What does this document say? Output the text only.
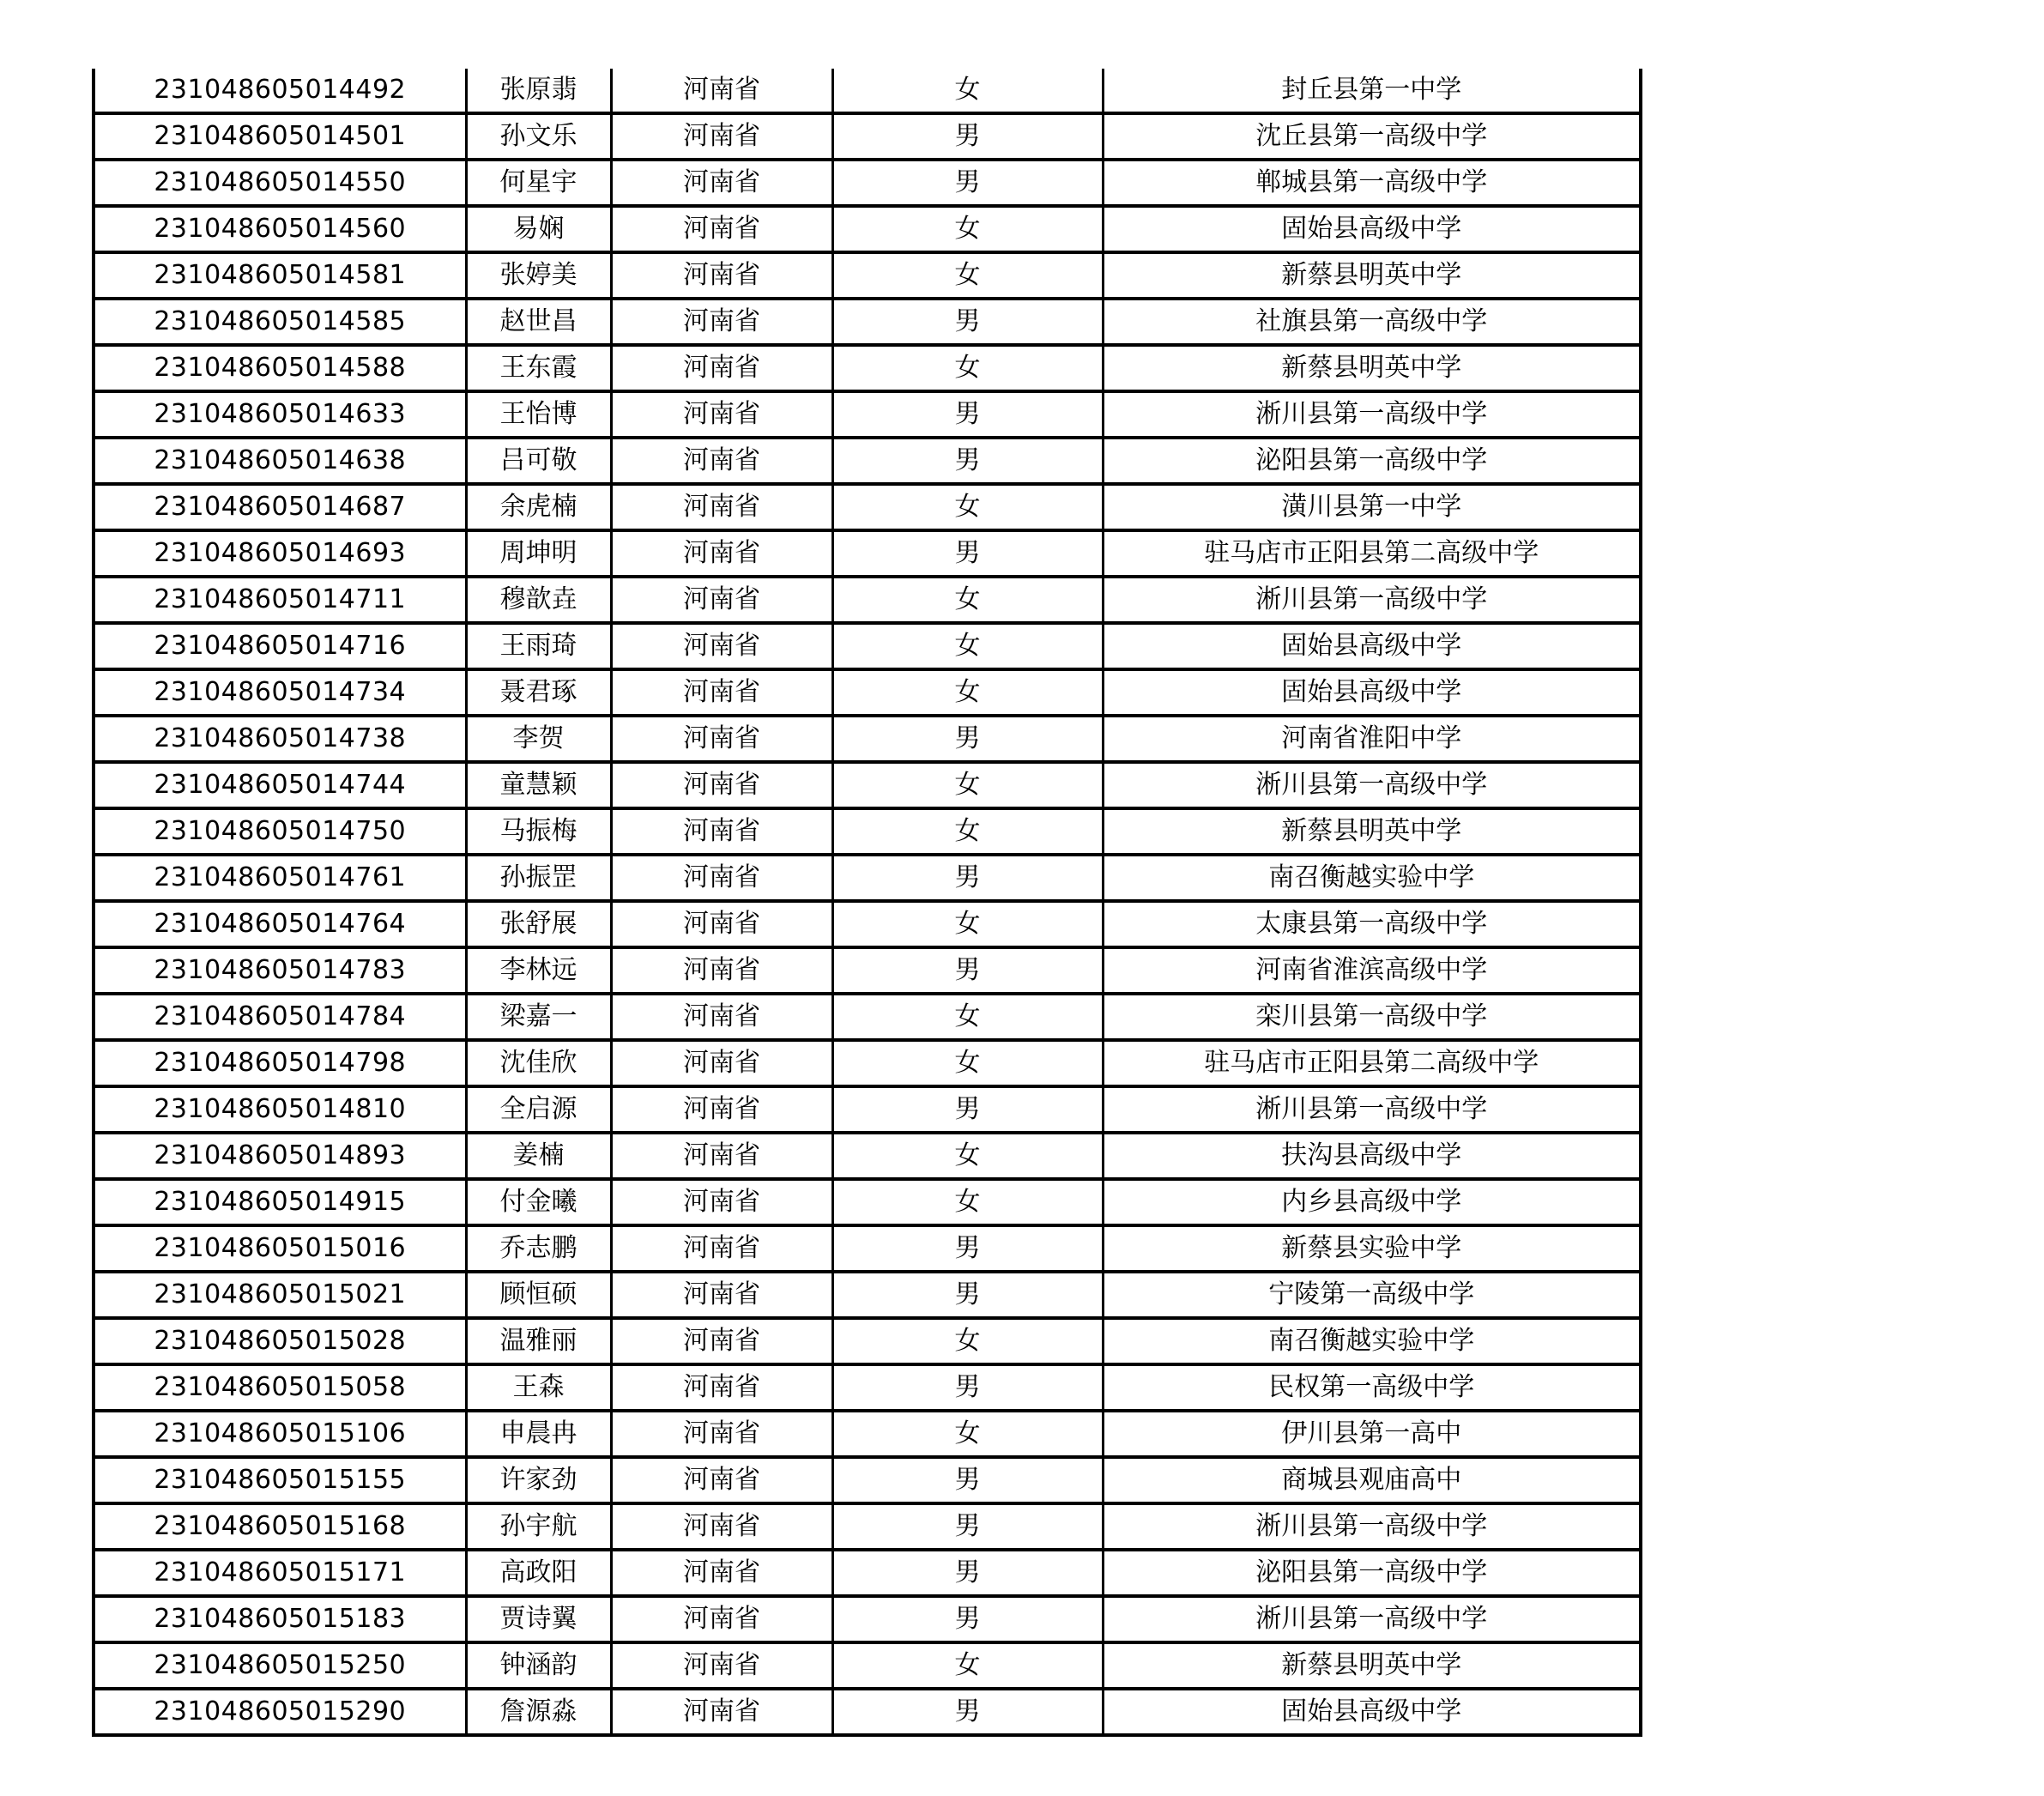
231048605014492	张原翡	河南省	女	封丘县第一中学
231048605014501	孙文乐	河南省	男	沈丘县第一高级中学
231048605014550	何星宇	河南省	男	郸城县第一高级中学
231048605014560	易娴	河南省	女	固始县高级中学
231048605014581	张婷美	河南省	女	新蔡县明英中学
231048605014585	赵世昌	河南省	男	社旗县第一高级中学
231048605014588	王东霞	河南省	女	新蔡县明英中学
231048605014633	王怡博	河南省	男	淅川县第一高级中学
231048605014638	吕可敬	河南省	男	泌阳县第一高级中学
231048605014687	余虎楠	河南省	女	潢川县第一中学
231048605014693	周坤明	河南省	男	驻马店市正阳县第二高级中学
231048605014711	穆歆垚	河南省	女	淅川县第一高级中学
231048605014716	王雨琦	河南省	女	固始县高级中学
231048605014734	聂君琢	河南省	女	固始县高级中学
231048605014738	李贺	河南省	男	河南省淮阳中学
231048605014744	童慧颖	河南省	女	淅川县第一高级中学
231048605014750	马振梅	河南省	女	新蔡县明英中学
231048605014761	孙振罡	河南省	男	南召衡越实验中学
231048605014764	张舒展	河南省	女	太康县第一高级中学
231048605014783	李林远	河南省	男	河南省淮滨高级中学
231048605014784	梁嘉一	河南省	女	栾川县第一高级中学
231048605014798	沈佳欣	河南省	女	驻马店市正阳县第二高级中学
231048605014810	全启源	河南省	男	淅川县第一高级中学
231048605014893	姜楠	河南省	女	扶沟县高级中学
231048605014915	付金曦	河南省	女	内乡县高级中学
231048605015016	乔志鹏	河南省	男	新蔡县实验中学
231048605015021	顾恒硕	河南省	男	宁陵第一高级中学
231048605015028	温雅丽	河南省	女	南召衡越实验中学
231048605015058	王森	河南省	男	民权第一高级中学
231048605015106	申晨冉	河南省	女	伊川县第一高中
231048605015155	许家劲	河南省	男	商城县观庙高中
231048605015168	孙宇航	河南省	男	淅川县第一高级中学
231048605015171	高政阳	河南省	男	泌阳县第一高级中学
231048605015183	贾诗翼	河南省	男	淅川县第一高级中学
231048605015250	钟涵韵	河南省	女	新蔡县明英中学
231048605015290	詹源淼	河南省	男	固始县高级中学
